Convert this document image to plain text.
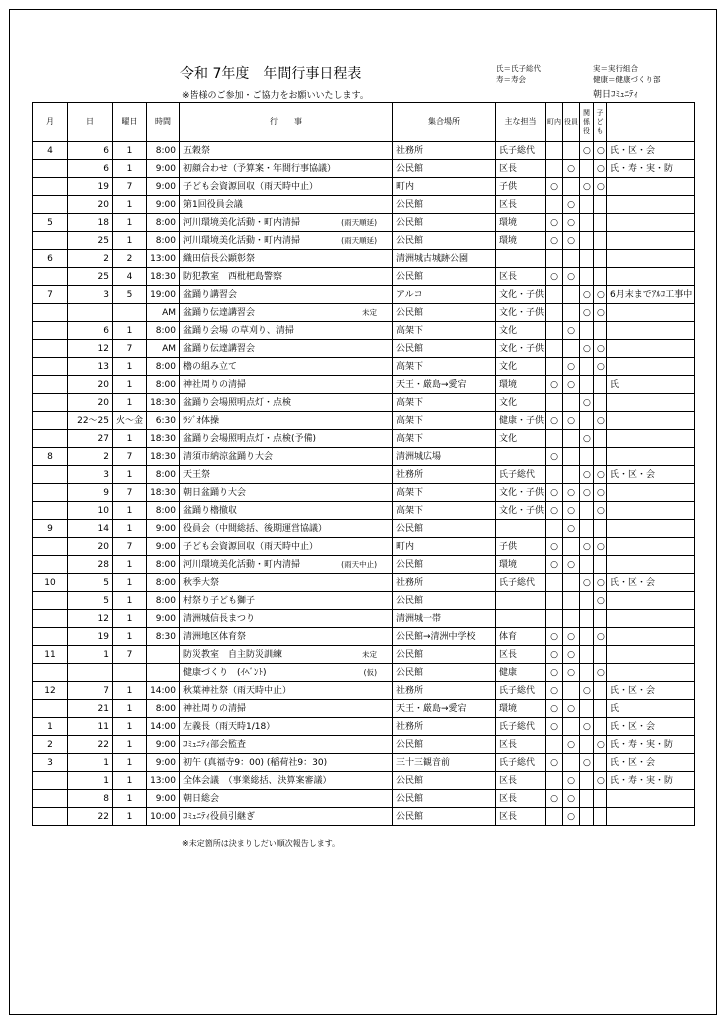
令和 7年度　年間行事日程表
※皆様のご参加・ご協力をお願いいたします。
氏＝氏子総代
寿＝寿会
実＝実行組合
健康＝健康づくり部
朝日ｺﾐｭﾆﾃｨ
月	日	曜日	時間	行　　事	集合場所	主な担当	町内	役員	関係役	子ども	
4	6	1	8:00	五穀祭	社務所	氏子総代			○	○	氏・区・会
	6	1	9:00	初顔合わせ（予算案・年間行事協議）	公民館	区長		○		○	氏・寿・実・防
	19	7	9:00	子ども会資源回収（雨天時中止）	町内	子供	○		○	○	
	20	1	9:00	第1回役員会議	公民館	区長		○			
5	18	1	8:00	河川環境美化活動・町内清掃 (雨天順延)	公民館	環境	○	○			
	25	1	8:00	河川環境美化活動・町内清掃 (雨天順延)	公民館	環境	○	○			
6	2	2	13:00	織田信長公顕彰祭	清洲城古城跡公園						
	25	4	18:30	防犯教室　西枇杷島警察	公民館	区長	○	○			
7	3	5	19:00	盆踊り講習会	アルコ	文化・子供			○	○	6月末までｱﾙｺ工事中
			AM	盆踊り伝達講習会 未定	公民館	文化・子供			○	○	
	6	1	8:00	盆踊り会場 の草刈り、清掃	高架下	文化		○			
	12	7	AM	盆踊り伝達講習会	公民館	文化・子供			○	○	
	13	1	8:00	櫓の組み立て	高架下	文化		○		○	
	20	1	8:00	神社周りの清掃	天王・厳島→愛宕	環境	○	○			氏
	20	1	18:30	盆踊り会場照明点灯・点検	高架下	文化			○		
	22～25	火～金	6:30	ﾗｼﾞｵ体操	高架下	健康・子供	○	○		○	
	27	1	18:30	盆踊り会場照明点灯・点検(予備)	高架下	文化			○		
8	2	7	18:30	清須市納涼盆踊り大会	清洲城広場		○				
	3	1	8:00	天王祭	社務所	氏子総代			○	○	氏・区・会
	9	7	18:30	朝日盆踊り大会	高架下	文化・子供	○	○	○	○	
	10	1	8:00	盆踊り櫓撤収	高架下	文化・子供	○	○		○	
9	14	1	9:00	役員会（中間総括、後期運営協議）	公民館			○			
	20	7	9:00	子ども会資源回収（雨天時中止）	町内	子供	○		○	○	
	28	1	8:00	河川環境美化活動・町内清掃 (雨天中止)	公民館	環境	○	○			
10	5	1	8:00	秋季大祭	社務所	氏子総代			○	○	氏・区・会
	5	1	8:00	村祭り子ども獅子	公民館					○	
	12	1	9:00	清洲城信長まつり	清洲城一帯						
	19	1	8:30	清洲地区体育祭	公民館→清洲中学校	体育	○	○		○	
11	1	7		防災教室　自主防災訓練 未定	公民館	区長	○	○			

				健康づくり　(ｲﾍﾞﾝﾄ) (仮)	公民館	健康	○	○		○	
12	7	1	14:00	秋葉神社祭（雨天時中止）	社務所	氏子総代	○		○		氏・区・会
	21	1	8:00	神社周りの清掃	天王・厳島→愛宕	環境	○	○			氏
1	11	1	14:00	左義長（雨天時1/18）	社務所	氏子総代	○		○		氏・区・会
2	22	1	9:00	ｺﾐｭﾆﾃｨ部会監査	公民館	区長		○		○	氏・寿・実・防
3	1	1	9:00	初午 (真福寺9：00) (稲荷社9：30)	三十三観音前	氏子総代	○		○		氏・区・会
	1	1	13:00	全体会議　（事業総括、決算案審議）	公民館	区長		○		○	氏・寿・実・防
	8	1	9:00	朝日総会	公民館	区長	○	○			
	22	1	10:00	ｺﾐｭﾆﾃｨ役員引継ぎ	公民館	区長		○			
※未定箇所は決まりしだい順次報告します。
